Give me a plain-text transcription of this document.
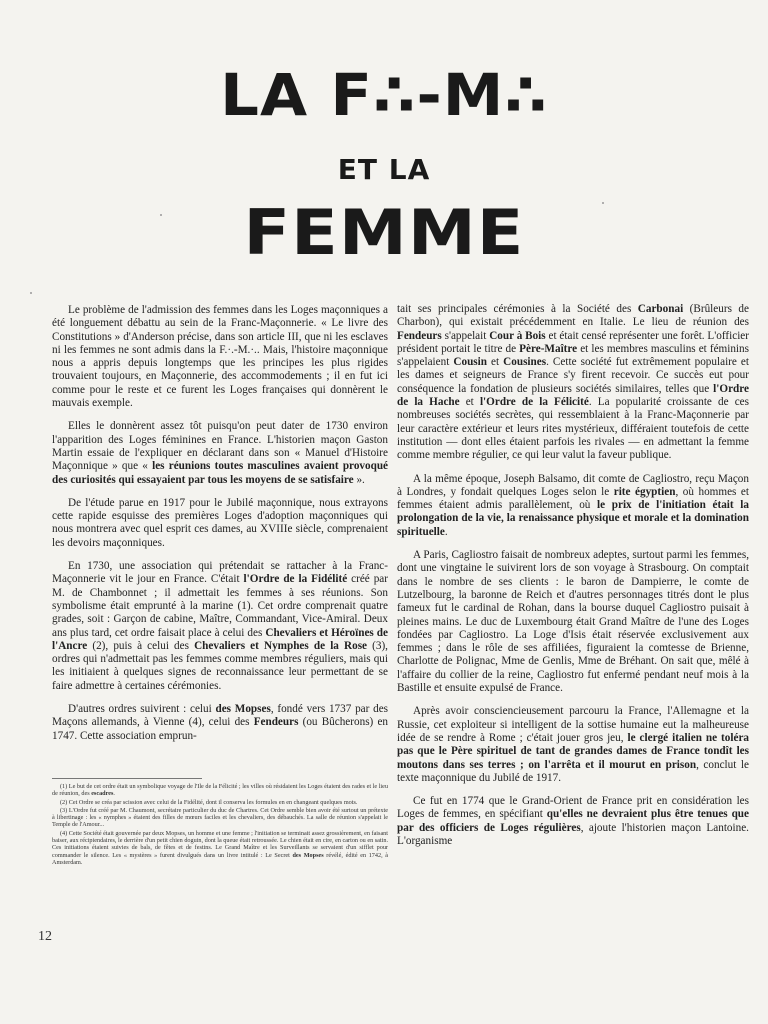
LA F∴-M∴
ET LA
FEMME

Le problème de l'admission des femmes dans les Loges maçonniques a été longuement débattu au sein de la Franc-Maçonnerie. « Le livre des Constitutions » d'Anderson précise, dans son article III, que ni les esclaves ni les femmes ne sont admis dans la F.·.-M.·.. Mais, l'histoire maçonnique nous a appris depuis longtemps que les principes les plus rigides trouvaient toujours, en Maçonnerie, des accommodements ; il en fut ici comme pour le reste et ce furent les Loges françaises qui donnèrent le mauvais exemple.

Elles le donnèrent assez tôt puisqu'on peut dater de 1730 environ l'apparition des Loges féminines en France. L'historien maçon Gaston Martin essaie de l'expliquer en déclarant dans son « Manuel d'Histoire Maçonnique » que « les réunions toutes masculines avaient provoqué des curiosités qui essayaient par tous les moyens de se satisfaire ».

De l'étude parue en 1917 pour le Jubilé maçonnique, nous extrayons cette rapide esquisse des premières Loges d'adoption maçonniques qui nous montrera avec quel esprit ces dames, au XVIIIe siècle, comprenaient les devoirs maçonniques.

En 1730, une association qui prétendait se rattacher à la Franc-Maçonnerie vit le jour en France. C'était l'Ordre de la Fidélité créé par M. de Chambonnet ; il admettait les femmes à ses réunions. Son symbolisme était emprunté à la marine (1). Cet ordre comprenait quatre grades, soit : Garçon de cabine, Maître, Commandant, Vice-Amiral. Deux ans plus tard, cet ordre faisait place à celui des Chevaliers et Héroïnes de l'Ancre (2), puis à celui des Chevaliers et Nymphes de la Rose (3), ordres qui n'admettait pas les femmes comme membres réguliers, mais qui les initiaient à quelques signes de reconnaissance leur permettant de se faire admettre à certaines cérémonies.

D'autres ordres suivirent : celui des Mopses, fondé vers 1737 par des Maçons allemands, à Vienne (4), celui des Fendeurs (ou Bûcherons) en 1747. Cette association emprun-

(1) Le but de cet ordre était un symbolique voyage de l'Ile de la Félicité ; les villes où résidaient les Loges étaient des rades et le lieu de réunion, des escadres.

(2) Cet Ordre se créa par scission avec celui de la Fidélité, dont il conserva les formules en en changeant quelques mots.

(3) L'Ordre fut créé par M. Chaumont, secrétaire particulier du duc de Chartres. Cet Ordre semble bien avoir été surtout un prétexte à libertinage : les « nymphes » étaient des filles de mœurs faciles et les chevaliers, des débauchés. La salle de réunion s'appelait le Temple de l'Amour...

(4) Cette Société était gouvernée par deux Mopses, un homme et une femme ; l'initiation se terminait assez grossièrement, en faisant baiser, aux récipiendaires, le derrière d'un petit chien doguin, dont la queue était retroussée. Le chien était en cire, en carton ou en satin. Ces initiations étaient suivies de bals, de fêtes et de festins. Le Grand Maître et les Surveillants se servaient d'un sifflet pour commander le silence. Les « mystères » furent divulgués dans un livre intitulé : Le Secret des Mopses révélé, édité en 1742, à Amsterdam.

tait ses principales cérémonies à la Société des Carbonai (Brûleurs de Charbon), qui existait précédemment en Italie. Le lieu de réunion des Fendeurs s'appelait Cour à Bois et était censé représenter une forêt. L'officier président portait le titre de Père-Maître et les membres masculins et féminins s'appelaient Cousin et Cousines. Cette société fut extrêmement populaire et les dames et seigneurs de France s'y firent recevoir. Ce succès eut pour conséquence la fondation de plusieurs sociétés similaires, telles que l'Ordre de la Hache et l'Ordre de la Félicité. La popularité croissante de ces nombreuses sociétés secrètes, qui ressemblaient à la Franc-Maçonnerie par leur caractère extérieur et leurs rites mystérieux, différaient toutefois de cette institution — dont elles étaient parfois les rivales — en admettant la femme comme membre régulier, ce qui leur valut la faveur publique.

A la même époque, Joseph Balsamo, dit comte de Cagliostro, reçu Maçon à Londres, y fondait quelques Loges selon le rite égyptien, où hommes et femmes étaient admis parallèlement, où le prix de l'initiation était la prolongation de la vie, la renaissance physique et morale et la domination spirituelle.

A Paris, Cagliostro faisait de nombreux adeptes, surtout parmi les femmes, dont une vingtaine le suivirent lors de son voyage à Strasbourg. On comptait dans le nombre de ses clients : le baron de Dampierre, le comte de Lutzelbourg, la baronne de Reich et d'autres personnages titrés dont le plus fameux fut le cardinal de Rohan, dans la bourse duquel Cagliostro puisait à pleines mains. Le duc de Luxembourg était Grand Maître de l'une des Loges fondées par Cagliostro. La Loge d'Isis était réservée exclusivement aux femmes ; dans le rôle de ses affiliées, figuraient la comtesse de Brienne, Charlotte de Polignac, Mme de Genlis, Mme de Bréhant. On sait que, mêlé à l'affaire du collier de la reine, Cagliostro fut enfermé pendant neuf mois à la Bastille et ensuite expulsé de France.

Après avoir consciencieusement parcouru la France, l'Allemagne et la Russie, cet exploiteur si intelligent de la sottise humaine eut la malheureuse idée de se rendre à Rome ; c'était jouer gros jeu, le clergé italien ne toléra pas que le Père spirituel de tant de grandes dames de France tondît les moutons dans ses terres ; on l'arrêta et il mourut en prison, conclut le texte maçonnique du Jubilé de 1917.

Ce fut en 1774 que le Grand-Orient de France prit en considération les Loges de femmes, en spécifiant qu'elles ne devraient plus être tenues que par des officiers de Loges régulières, ajoute l'historien maçon Lantoine. L'organisme

12
